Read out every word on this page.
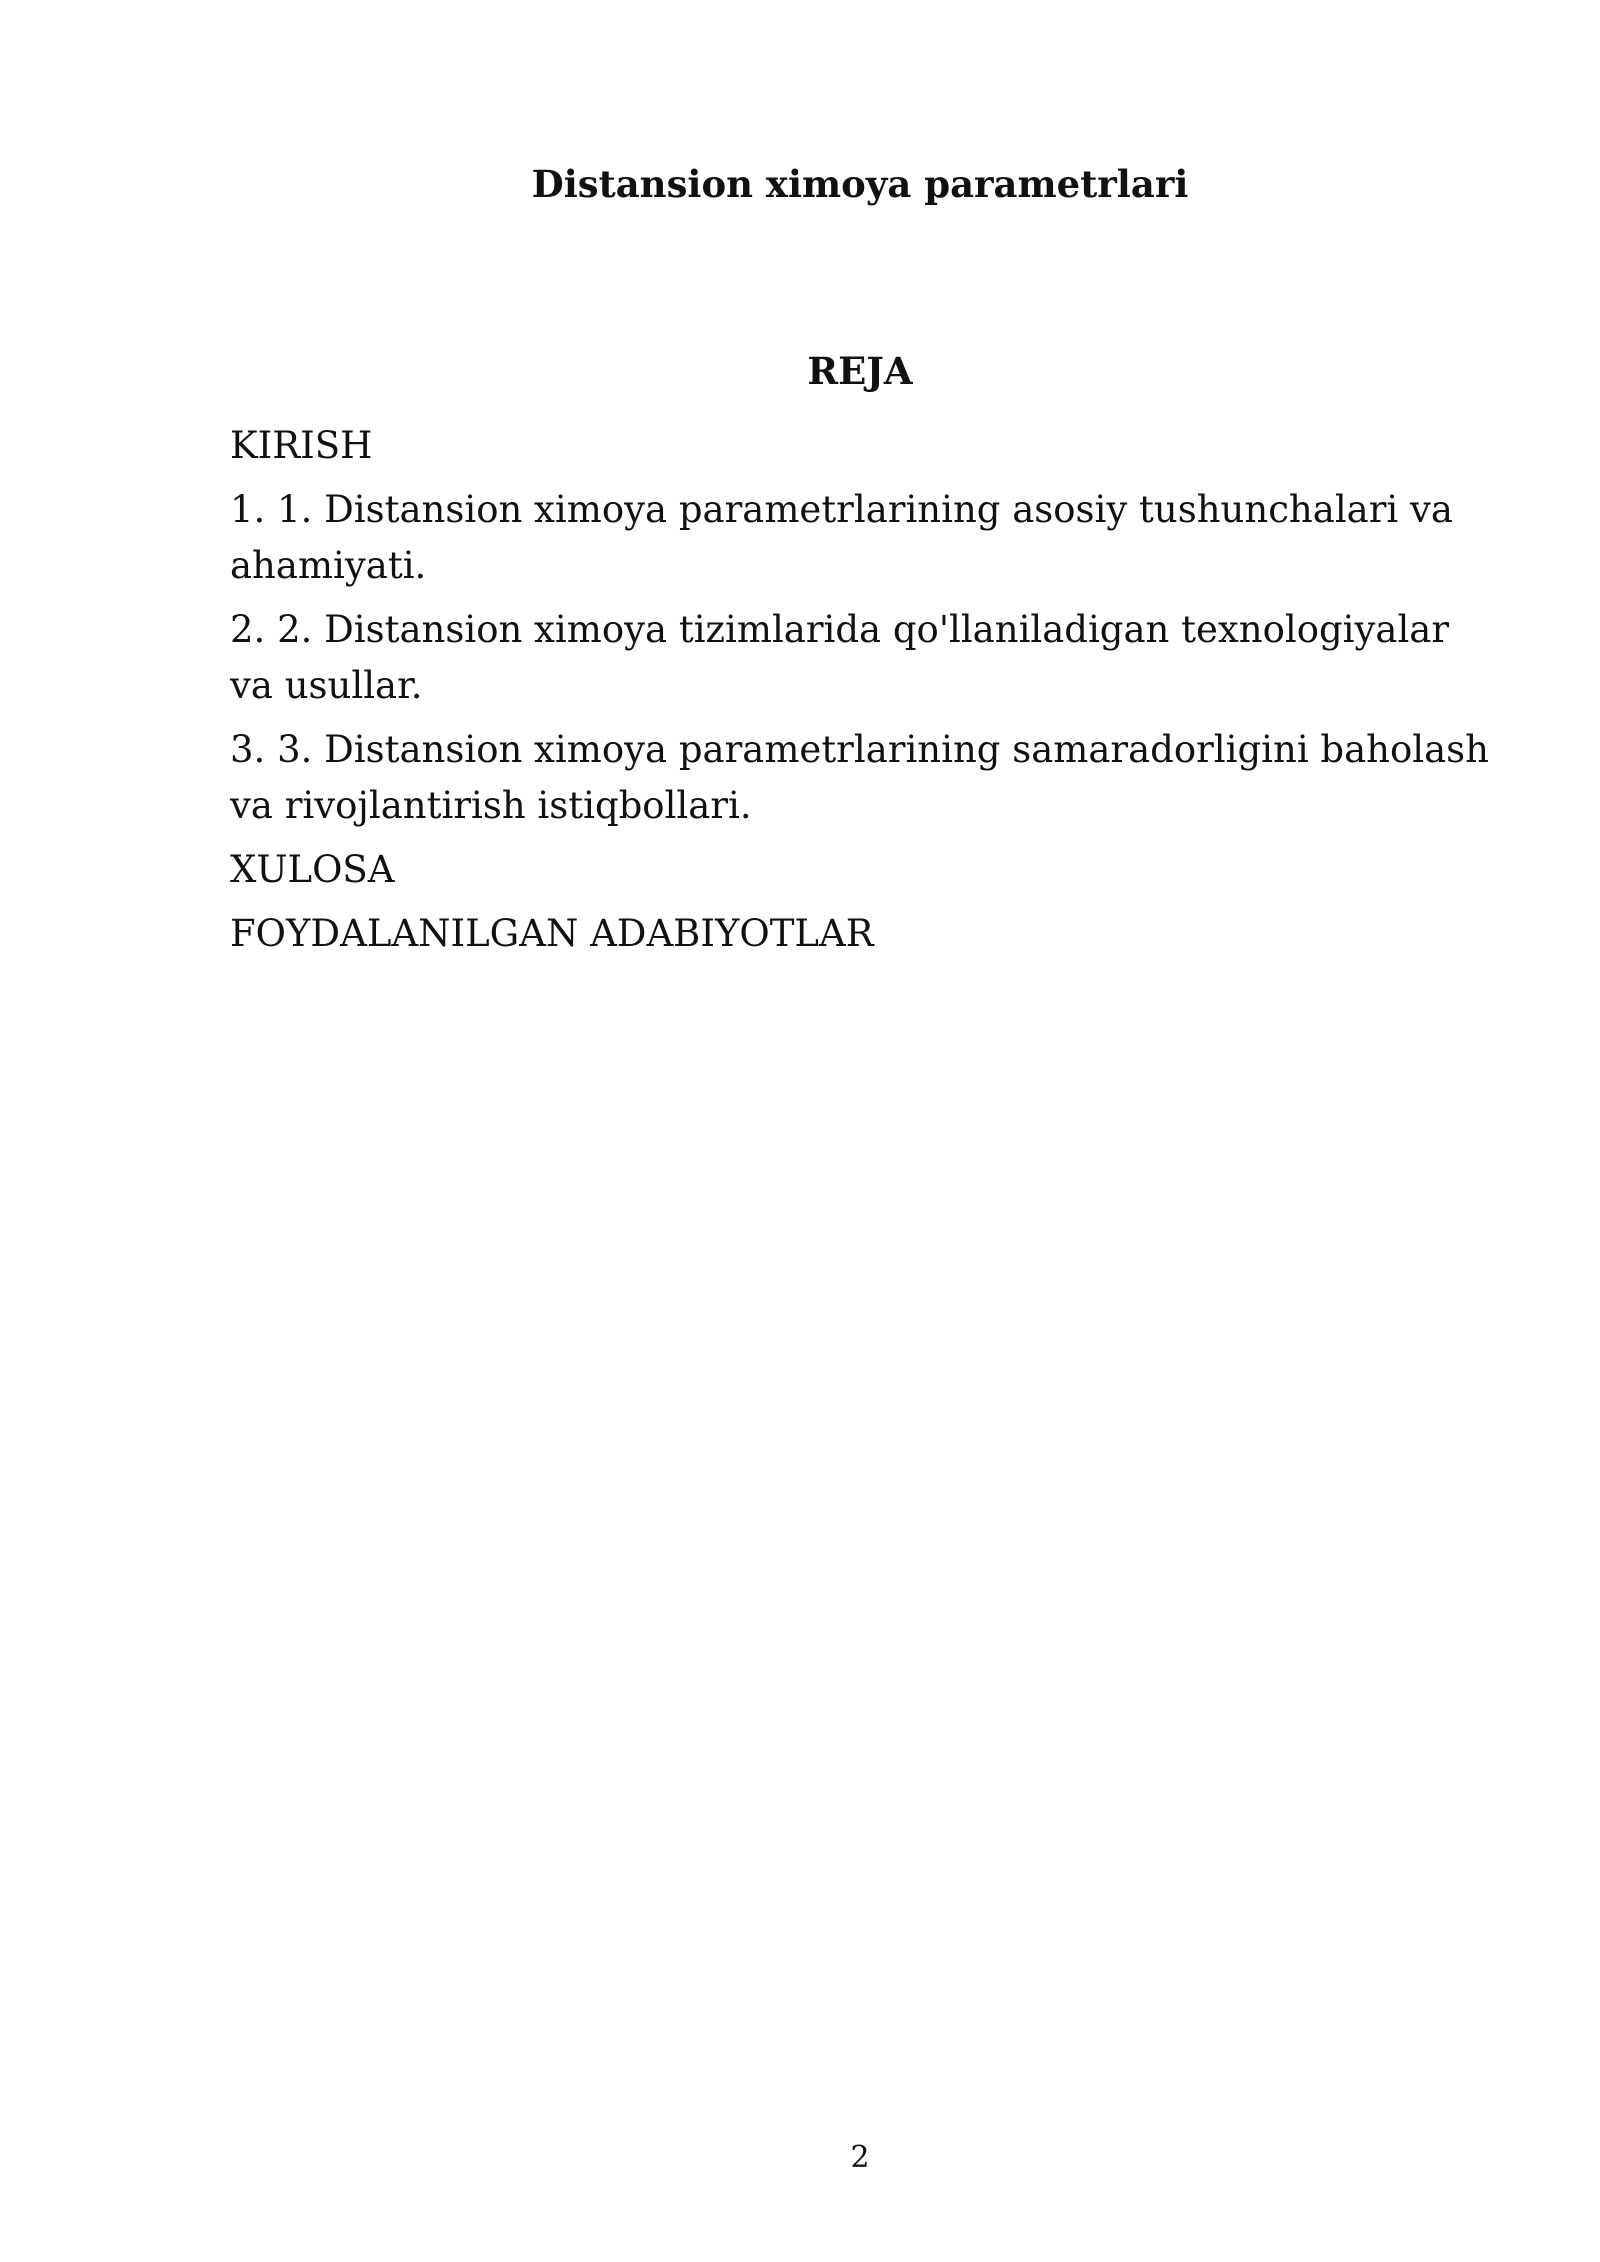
Distansion ximoya parametrlari
REJA
KIRISH
1. 1. Distansion ximoya parametrlarining asosiy tushunchalari va ahamiyati.
2. 2. Distansion ximoya tizimlarida qo'llaniladigan texnologiyalar va usullar.
3. 3. Distansion ximoya parametrlarining samaradorligini baholash va rivojlantirish istiqbollari.
XULOSA
FOYDALANILGAN ADABIYOTLAR
2
